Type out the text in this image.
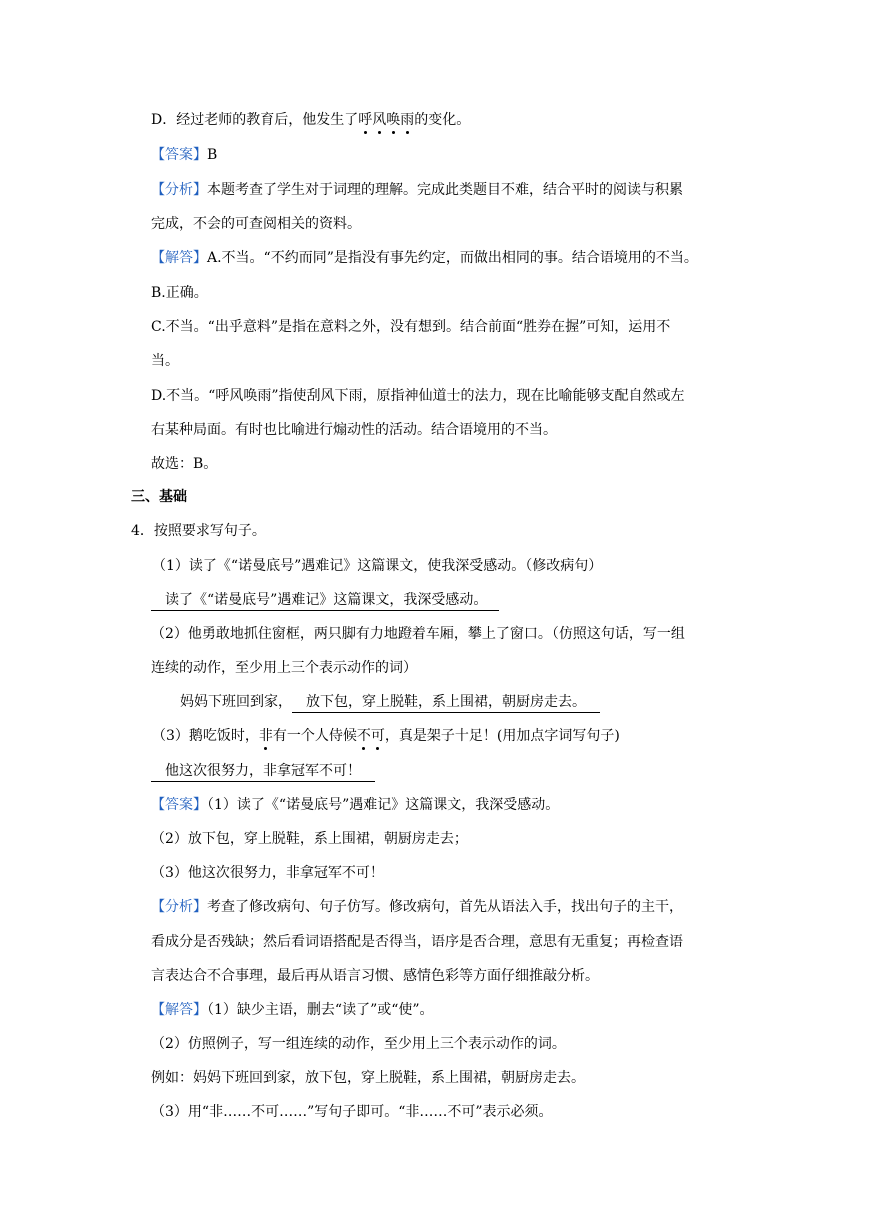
D．经过老师的教育后，他发生了呼风唤雨的变化。
【答案】B
【分析】本题考查了学生对于词理的理解。完成此类题目不难，结合平时的阅读与积累
完成，不会的可查阅相关的资料。
【解答】A.不当。“不约而同”是指没有事先约定，而做出相同的事。结合语境用的不当。
B.正确。
C.不当。“出乎意料”是指在意料之外，没有想到。结合前面“胜券在握”可知，运用不
当。
D.不当。“呼风唤雨”指使刮风下雨，原指神仙道士的法力，现在比喻能够支配自然或左
右某种局面。有时也比喻进行煽动性的活动。结合语境用的不当。
故选：B。
三、基础
4．按照要求写句子。
（1）读了《“诺曼底号”遇难记》这篇课文，使我深受感动。（修改病句）
读了《“诺曼底号”遇难记》这篇课文，我深受感动。
（2）他勇敢地抓住窗框，两只脚有力地蹬着车厢，攀上了窗口。（仿照这句话，写一组
连续的动作，至少用上三个表示动作的词）
妈妈下班回到家， 放下包，穿上脱鞋，系上围裙，朝厨房走去。
（3）鹅吃饭时，非有一个人侍候不可，真是架子十足！(用加点字词写句子)
他这次很努力，非拿冠军不可！
【答案】（1）读了《“诺曼底号”遇难记》这篇课文，我深受感动。
（2）放下包，穿上脱鞋，系上围裙，朝厨房走去；
（3）他这次很努力，非拿冠军不可！
【分析】考查了修改病句、句子仿写。修改病句，首先从语法入手，找出句子的主干，
看成分是否残缺；然后看词语搭配是否得当，语序是否合理，意思有无重复；再检查语
言表达合不合事理，最后再从语言习惯、感情色彩等方面仔细推敲分析。
【解答】（1）缺少主语，删去“读了”或“使”。
（2）仿照例子，写一组连续的动作，至少用上三个表示动作的词。
例如：妈妈下班回到家，放下包，穿上脱鞋，系上围裙，朝厨房走去。
（3）用“非……不可……”写句子即可。“非……不可”表示必须。
